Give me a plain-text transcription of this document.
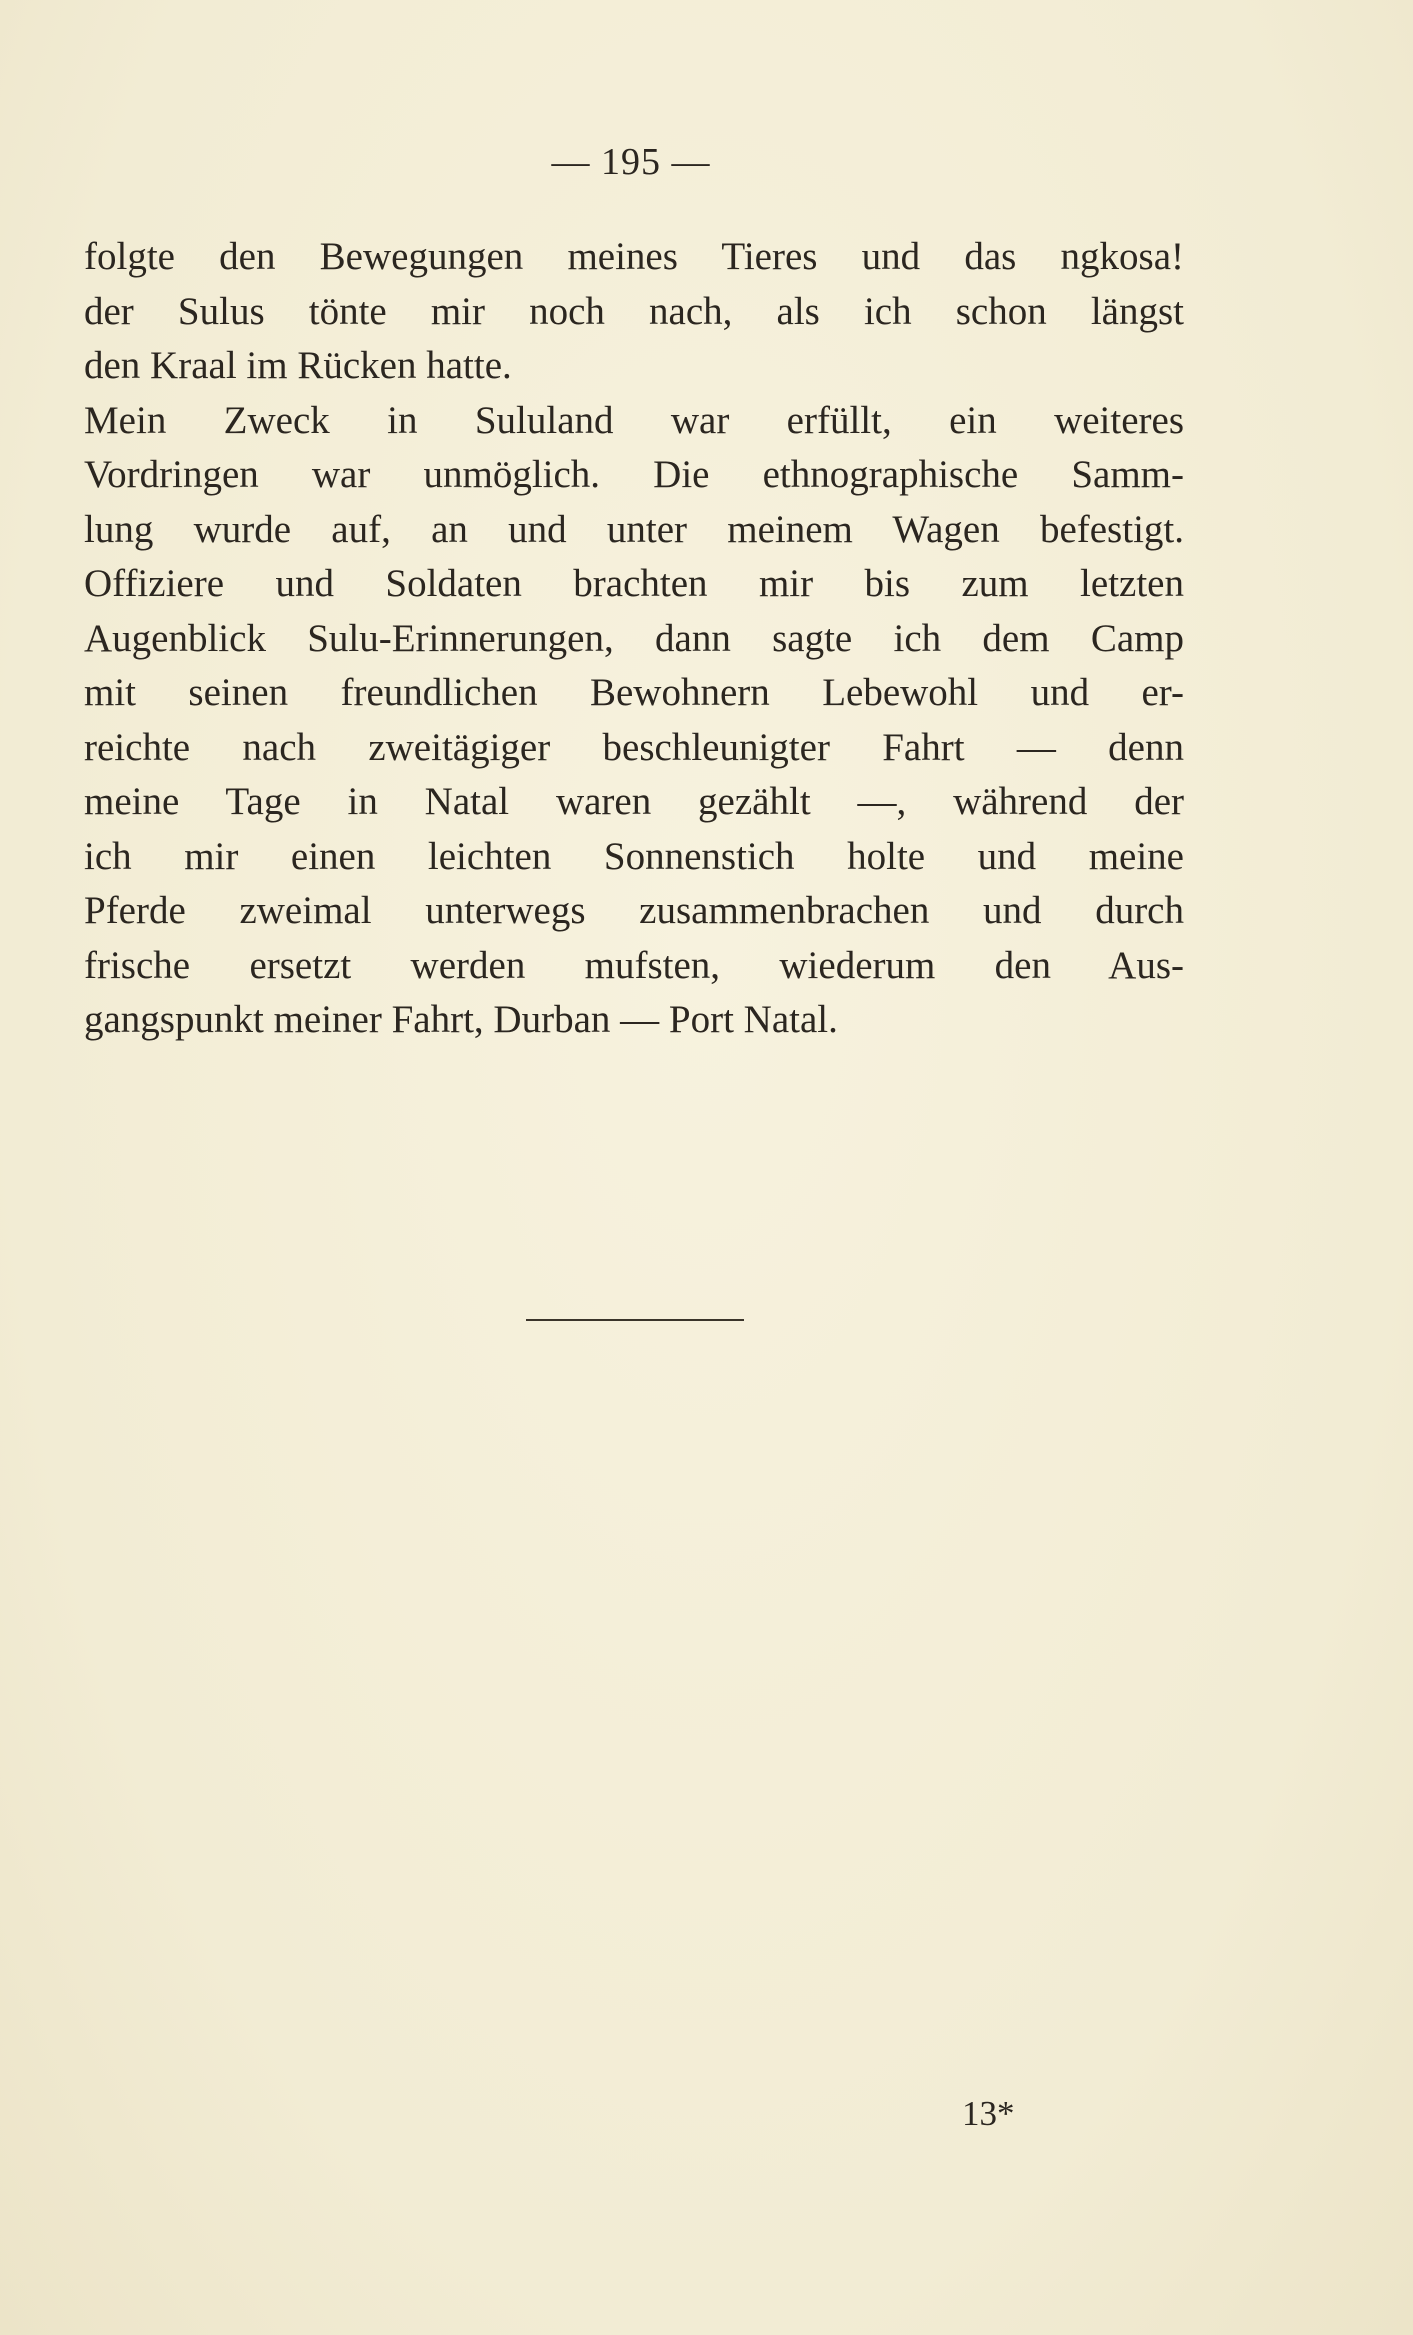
— 195 —
folgte den Bewegungen meines Tieres und das ngkosa!
der Sulus tönte mir noch nach, als ich schon längst
den Kraal im Rücken hatte.
Mein Zweck in Sululand war erfüllt, ein weiteres
Vordringen war unmöglich. Die ethnographische Samm-
lung wurde auf, an und unter meinem Wagen befestigt.
Offiziere und Soldaten brachten mir bis zum letzten
Augenblick Sulu-Erinnerungen, dann sagte ich dem Camp
mit seinen freundlichen Bewohnern Lebewohl und er-
reichte nach zweitägiger beschleunigter Fahrt — denn
meine Tage in Natal waren gezählt —, während der
ich mir einen leichten Sonnenstich holte und meine
Pferde zweimal unterwegs zusammenbrachen und durch
frische ersetzt werden mufsten, wiederum den Aus-
gangspunkt meiner Fahrt, Durban — Port Natal.
13*
